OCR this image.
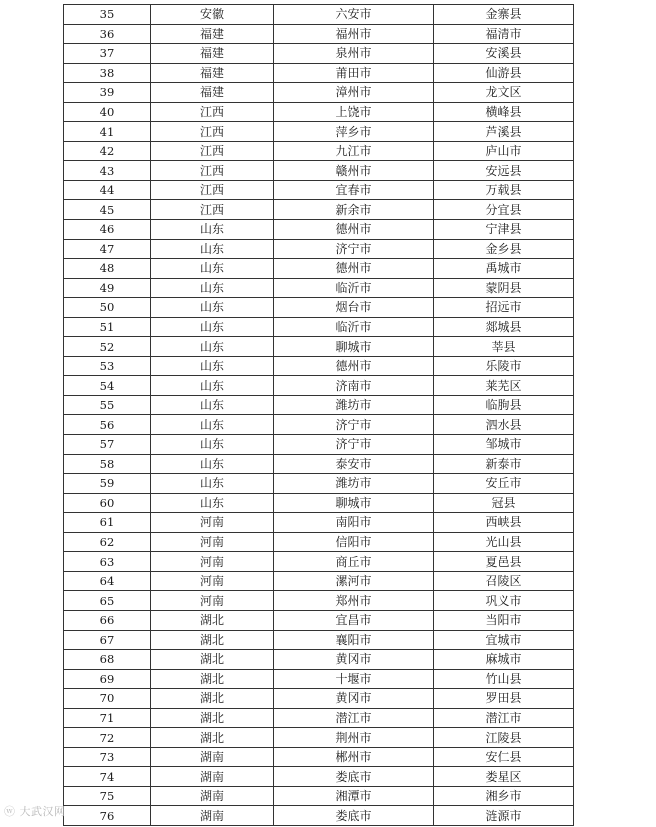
35	安徽	六安市	金寨县
36	福建	福州市	福清市
37	福建	泉州市	安溪县
38	福建	莆田市	仙游县
39	福建	漳州市	龙文区
40	江西	上饶市	横峰县
41	江西	萍乡市	芦溪县
42	江西	九江市	庐山市
43	江西	赣州市	安远县
44	江西	宜春市	万载县
45	江西	新余市	分宜县
46	山东	德州市	宁津县
47	山东	济宁市	金乡县
48	山东	德州市	禹城市
49	山东	临沂市	蒙阴县
50	山东	烟台市	招远市
51	山东	临沂市	郯城县
52	山东	聊城市	莘县
53	山东	德州市	乐陵市
54	山东	济南市	莱芜区
55	山东	潍坊市	临朐县
56	山东	济宁市	泗水县
57	山东	济宁市	邹城市
58	山东	泰安市	新泰市
59	山东	潍坊市	安丘市
60	山东	聊城市	冠县
61	河南	南阳市	西峡县
62	河南	信阳市	光山县
63	河南	商丘市	夏邑县
64	河南	漯河市	召陵区
65	河南	郑州市	巩义市
66	湖北	宜昌市	当阳市
67	湖北	襄阳市	宜城市
68	湖北	黄冈市	麻城市
69	湖北	十堰市	竹山县
70	湖北	黄冈市	罗田县
71	湖北	潜江市	潜江市
72	湖北	荆州市	江陵县
73	湖南	郴州市	安仁县
74	湖南	娄底市	娄星区
75	湖南	湘潭市	湘乡市
76	湖南	娄底市	涟源市
ⓦ 大武汉网
